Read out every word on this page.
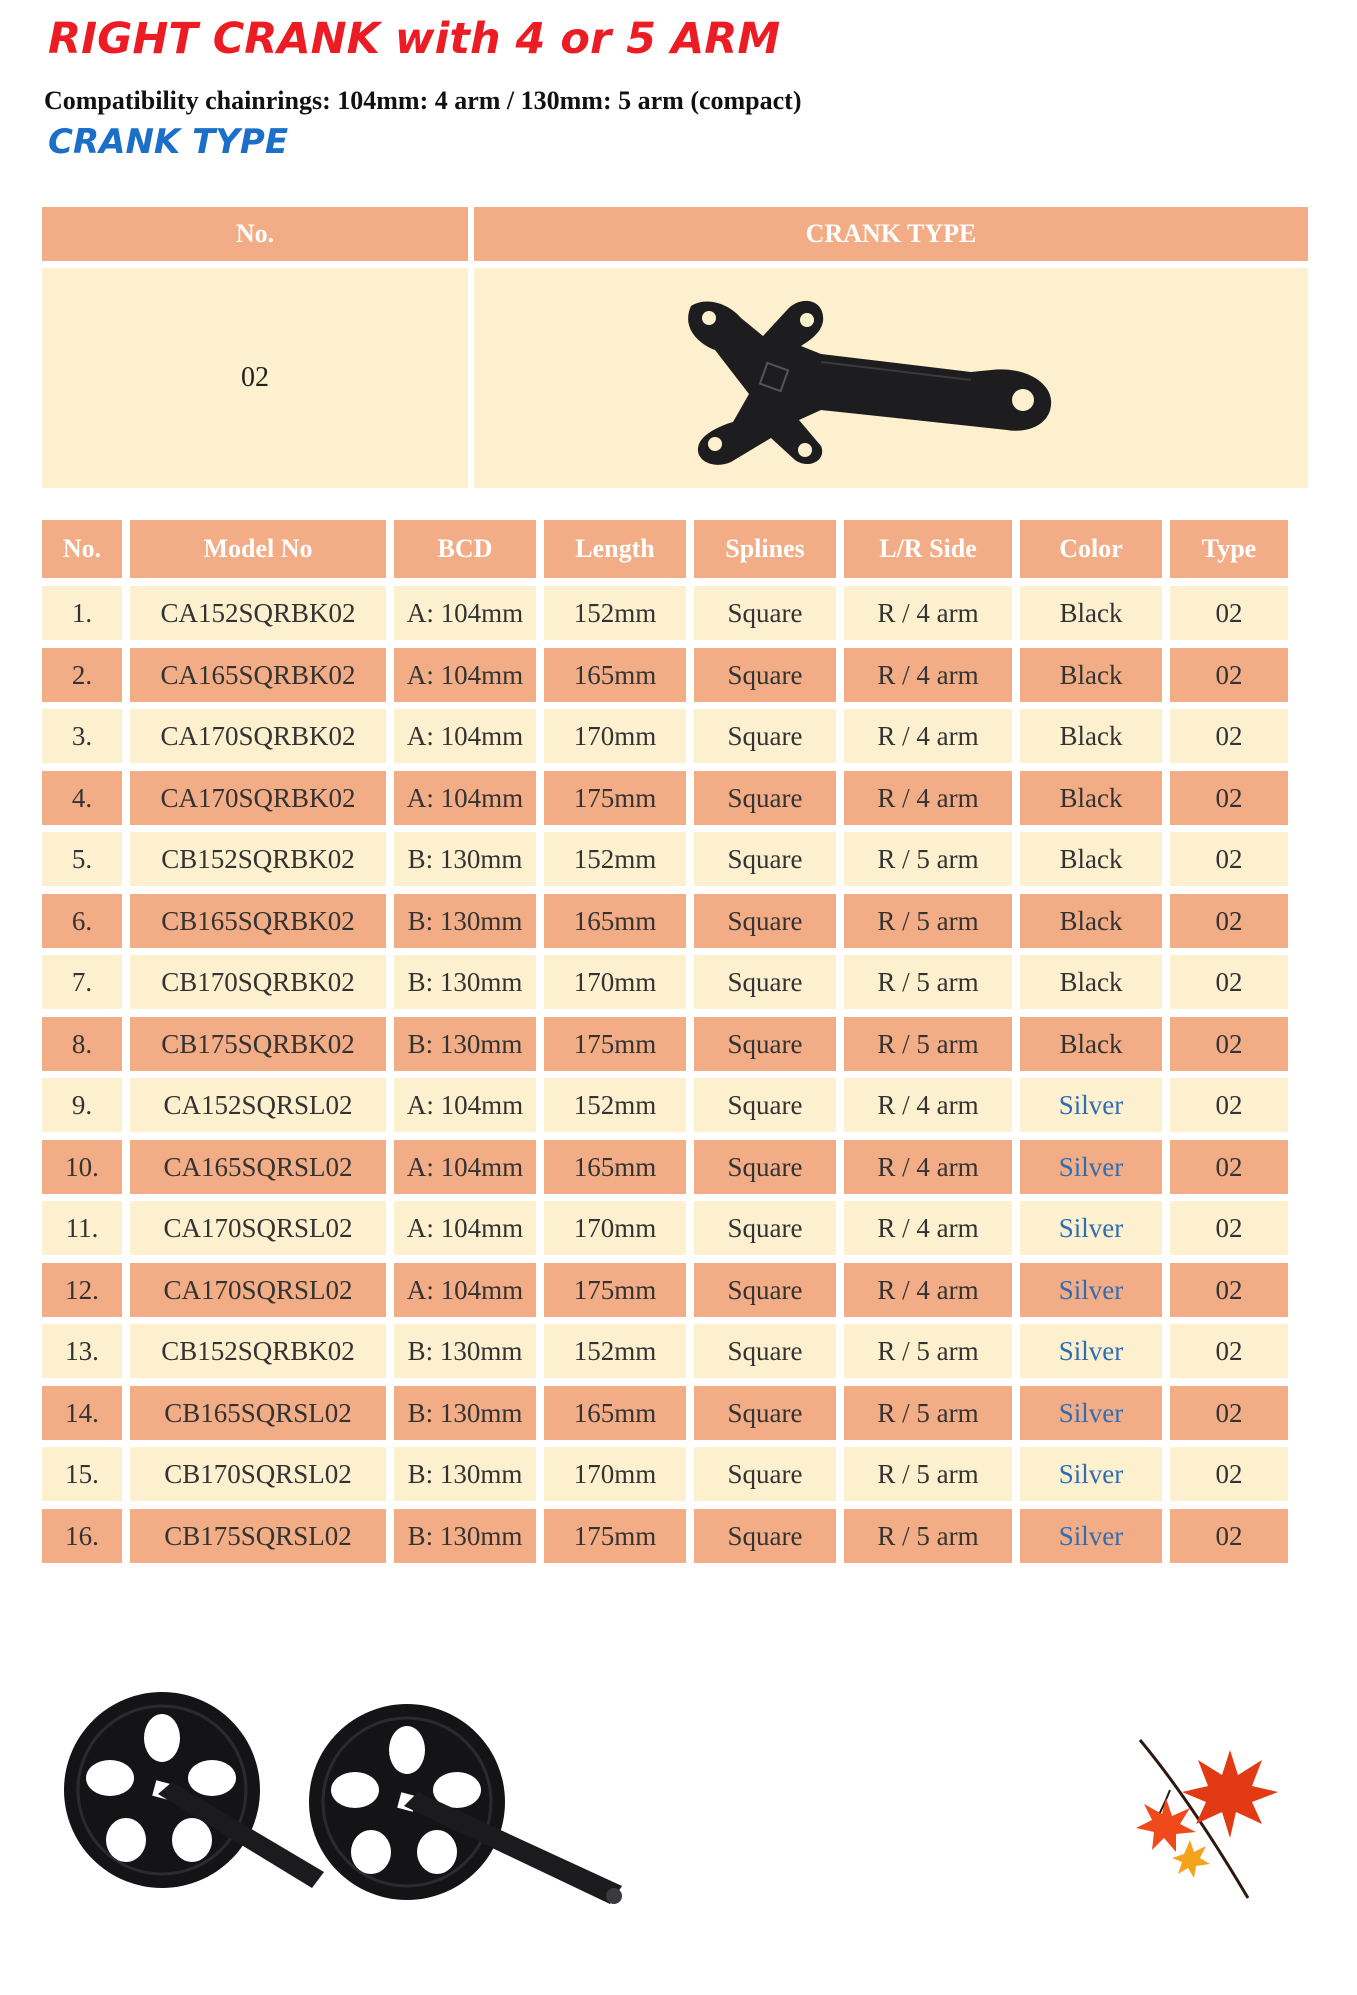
RIGHT CRANK with 4 or 5 ARM

Compatibility chainrings: 104mm: 4 arm / 130mm: 5 arm (compact)

CRANK TYPE
No.	CRANK TYPE
02
No.	Model No	BCD	Length	Splines	L/R Side	Color	Type
1.	CA152SQRBK02	A: 104mm	152mm	Square	R / 4 arm	Black	02
2.	CA165SQRBK02	A: 104mm	165mm	Square	R / 4 arm	Black	02
3.	CA170SQRBK02	A: 104mm	170mm	Square	R / 4 arm	Black	02
4.	CA170SQRBK02	A: 104mm	175mm	Square	R / 4 arm	Black	02
5.	CB152SQRBK02	B: 130mm	152mm	Square	R / 5 arm	Black	02
6.	CB165SQRBK02	B: 130mm	165mm	Square	R / 5 arm	Black	02
7.	CB170SQRBK02	B: 130mm	170mm	Square	R / 5 arm	Black	02
8.	CB175SQRBK02	B: 130mm	175mm	Square	R / 5 arm	Black	02
9.	CA152SQRSL02	A: 104mm	152mm	Square	R / 4 arm	Silver	02
10.	CA165SQRSL02	A: 104mm	165mm	Square	R / 4 arm	Silver	02
11.	CA170SQRSL02	A: 104mm	170mm	Square	R / 4 arm	Silver	02
12.	CA170SQRSL02	A: 104mm	175mm	Square	R / 4 arm	Silver	02
13.	CB152SQRBK02	B: 130mm	152mm	Square	R / 5 arm	Silver	02
14.	CB165SQRSL02	B: 130mm	165mm	Square	R / 5 arm	Silver	02
15.	CB170SQRSL02	B: 130mm	170mm	Square	R / 5 arm	Silver	02
16.	CB175SQRSL02	B: 130mm	175mm	Square	R / 5 arm	Silver	02
